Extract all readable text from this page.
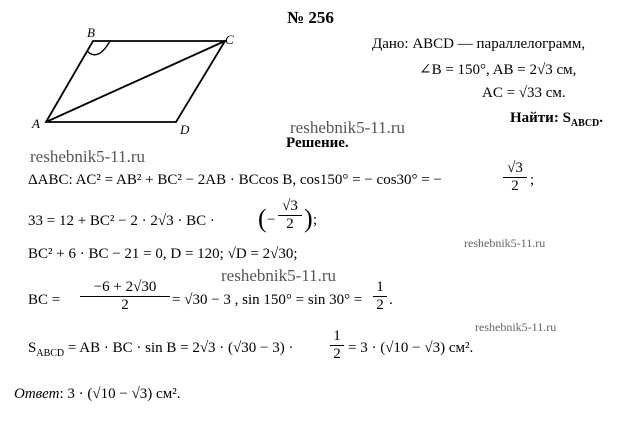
B	C
A	D
№ 256
Дано: ABCD — параллелограмм,
∠B = 150°, AB = 2√3 см,
AC = √33 см.
Найти: $S_{ABCD}$.
reshebnik5-11.ru
Решение.
reshebnik5-11.ru
ΔABC: AC² = AB² + BC² − 2AB · BCcos B, cos150° = − cos30° = −	$\frac{√3}{2}$ ;
33 = 12 + BC² − 2 · 2√3 · BC · ( − $\frac{√3}{2}$ ) ;
BC² + 6 · BC − 21 = 0, D = 120; √D = 2√30;
reshebnik5-11.ru
reshebnik5-11.ru
BC = $\frac{-6 + 2√30}{2} = √30 - 3$ , $\sin 150^\circ = \sin 30^\circ = \frac{1}{2}$ .
reshebnik5-11.ru
$S_{ABCD}$ = AB · BC · $\sin B = 2√3 \cdot (√30 - 3) \cdot \frac{1}{2} = 3 \cdot (√10 - √3)$ см².
Ответ: 3 · (√10 − √3) см².
